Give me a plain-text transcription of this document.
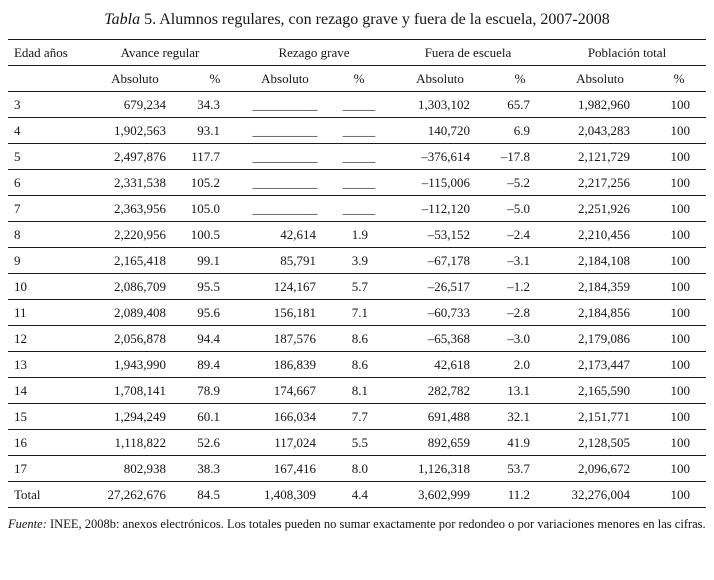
Tabla 5. Alumnos regulares, con rezago grave y fuera de la escuela, 2007-2008
Edad años	Avance regular		Rezago grave		Fuera de escuela		Población total	
	Absoluto	%	Absoluto	%	Absoluto	%	Absoluto	%
3	679,234	34.3	__________	_____	1,303,102	65.7	1,982,960	100
4	1,902,563	93.1	__________	_____	140,720	6.9	2,043,283	100
5	2,497,876	117.7	__________	_____	–376,614	–17.8	2,121,729	100
6	2,331,538	105.2	__________	_____	–115,006	–5.2	2,217,256	100
7	2,363,956	105.0	__________	_____	–112,120	–5.0	2,251,926	100
8	2,220,956	100.5	42,614	1.9	–53,152	–2.4	2,210,456	100
9	2,165,418	99.1	85,791	3.9	–67,178	–3.1	2,184,108	100
10	2,086,709	95.5	124,167	5.7	–26,517	–1.2	2,184,359	100
11	2,089,408	95.6	156,181	7.1	–60,733	–2.8	2,184,856	100
12	2,056,878	94.4	187,576	8.6	–65,368	–3.0	2,179,086	100
13	1,943,990	89.4	186,839	8.6	42,618	2.0	2,173,447	100
14	1,708,141	78.9	174,667	8.1	282,782	13.1	2,165,590	100
15	1,294,249	60.1	166,034	7.7	691,488	32.1	2,151,771	100
16	1,118,822	52.6	117,024	5.5	892,659	41.9	2,128,505	100
17	802,938	38.3	167,416	8.0	1,126,318	53.7	2,096,672	100
Total	27,262,676	84.5	1,408,309	4.4	3,602,999	11.2	32,276,004	100
Fuente: INEE, 2008b: anexos electrónicos. Los totales pueden no sumar exactamente por redondeo o por variaciones menores en las cifras.
